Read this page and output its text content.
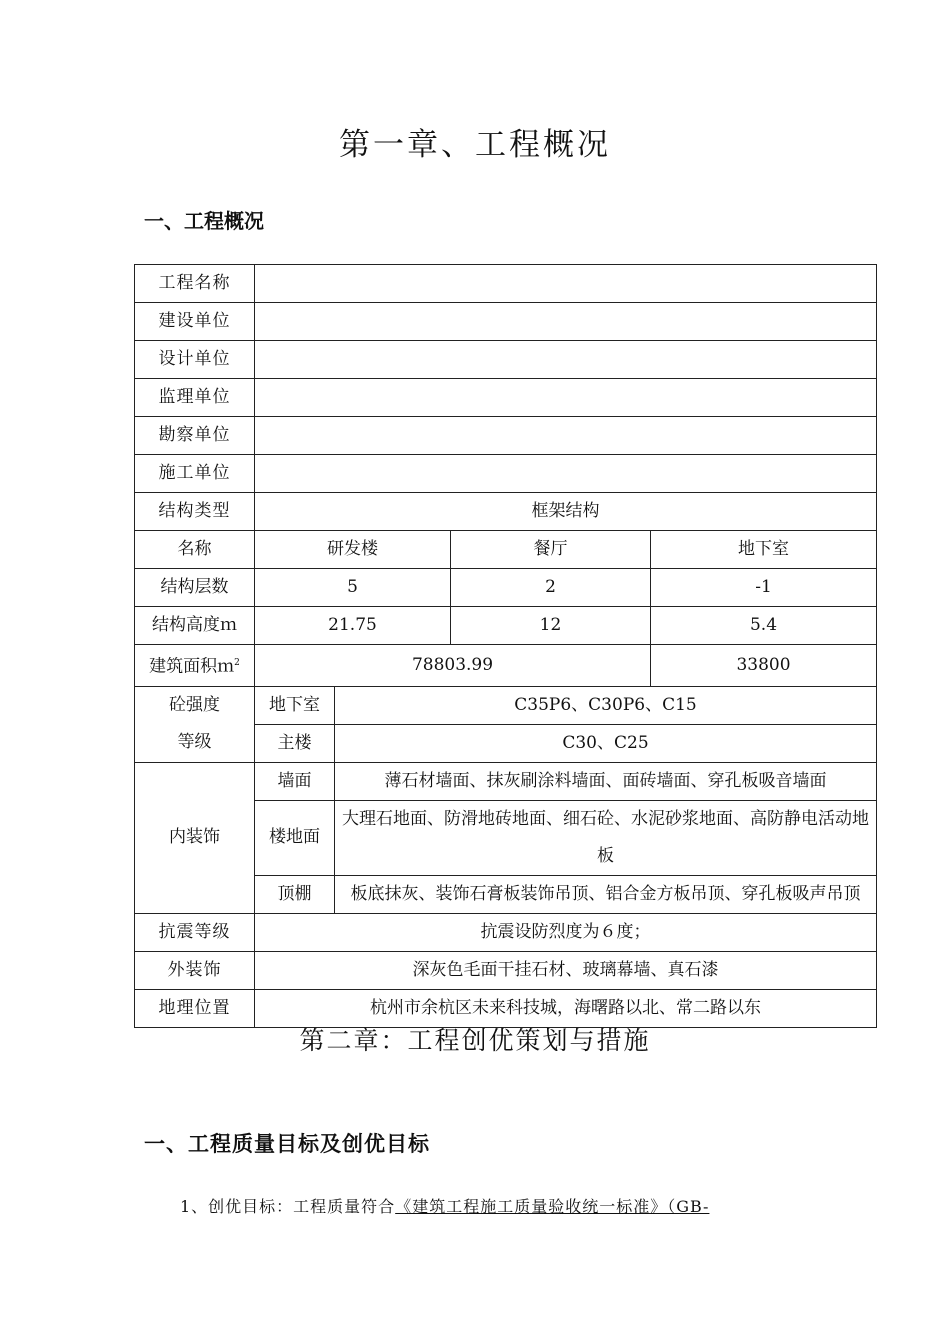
第一章、工程概况
一、工程概况
工程名称				
建设单位				
设计单位				
监理单位				
勘察单位				
施工单位				
结构类型	框架结构			
名称	研发楼		餐厅	地下室
结构层数	5		2	-1
结构高度ｍ	21.75		12	5.4
建筑面积ｍ$^2$	78803.99			33800

砼强度
等级	地下室	C35P6、C30P6、C15		
	主楼	C30、C25		
内装饰	墙面	薄石材墙面、抹灰刷涂料墙面、面砖墙面、穿孔板吸音墙面		
	楼地面	大理石地面、防滑地砖地面、细石砼、水泥砂浆地面、高防静电活动地板		
	顶棚	板底抹灰、装饰石膏板装饰吊顶、铝合金方板吊顶、穿孔板吸声吊顶		
抗震等级	抗震设防烈度为６度；			
外装饰	深灰色毛面干挂石材、玻璃幕墙、真石漆			
地理位置	杭州市余杭区未来科技城，海曙路以北、常二路以东			
第二章：工程创优策划与措施
一、工程质量目标及创优目标
1、创优目标：工程质量符合《建筑工程施工质量验收统一标准》（GB-
